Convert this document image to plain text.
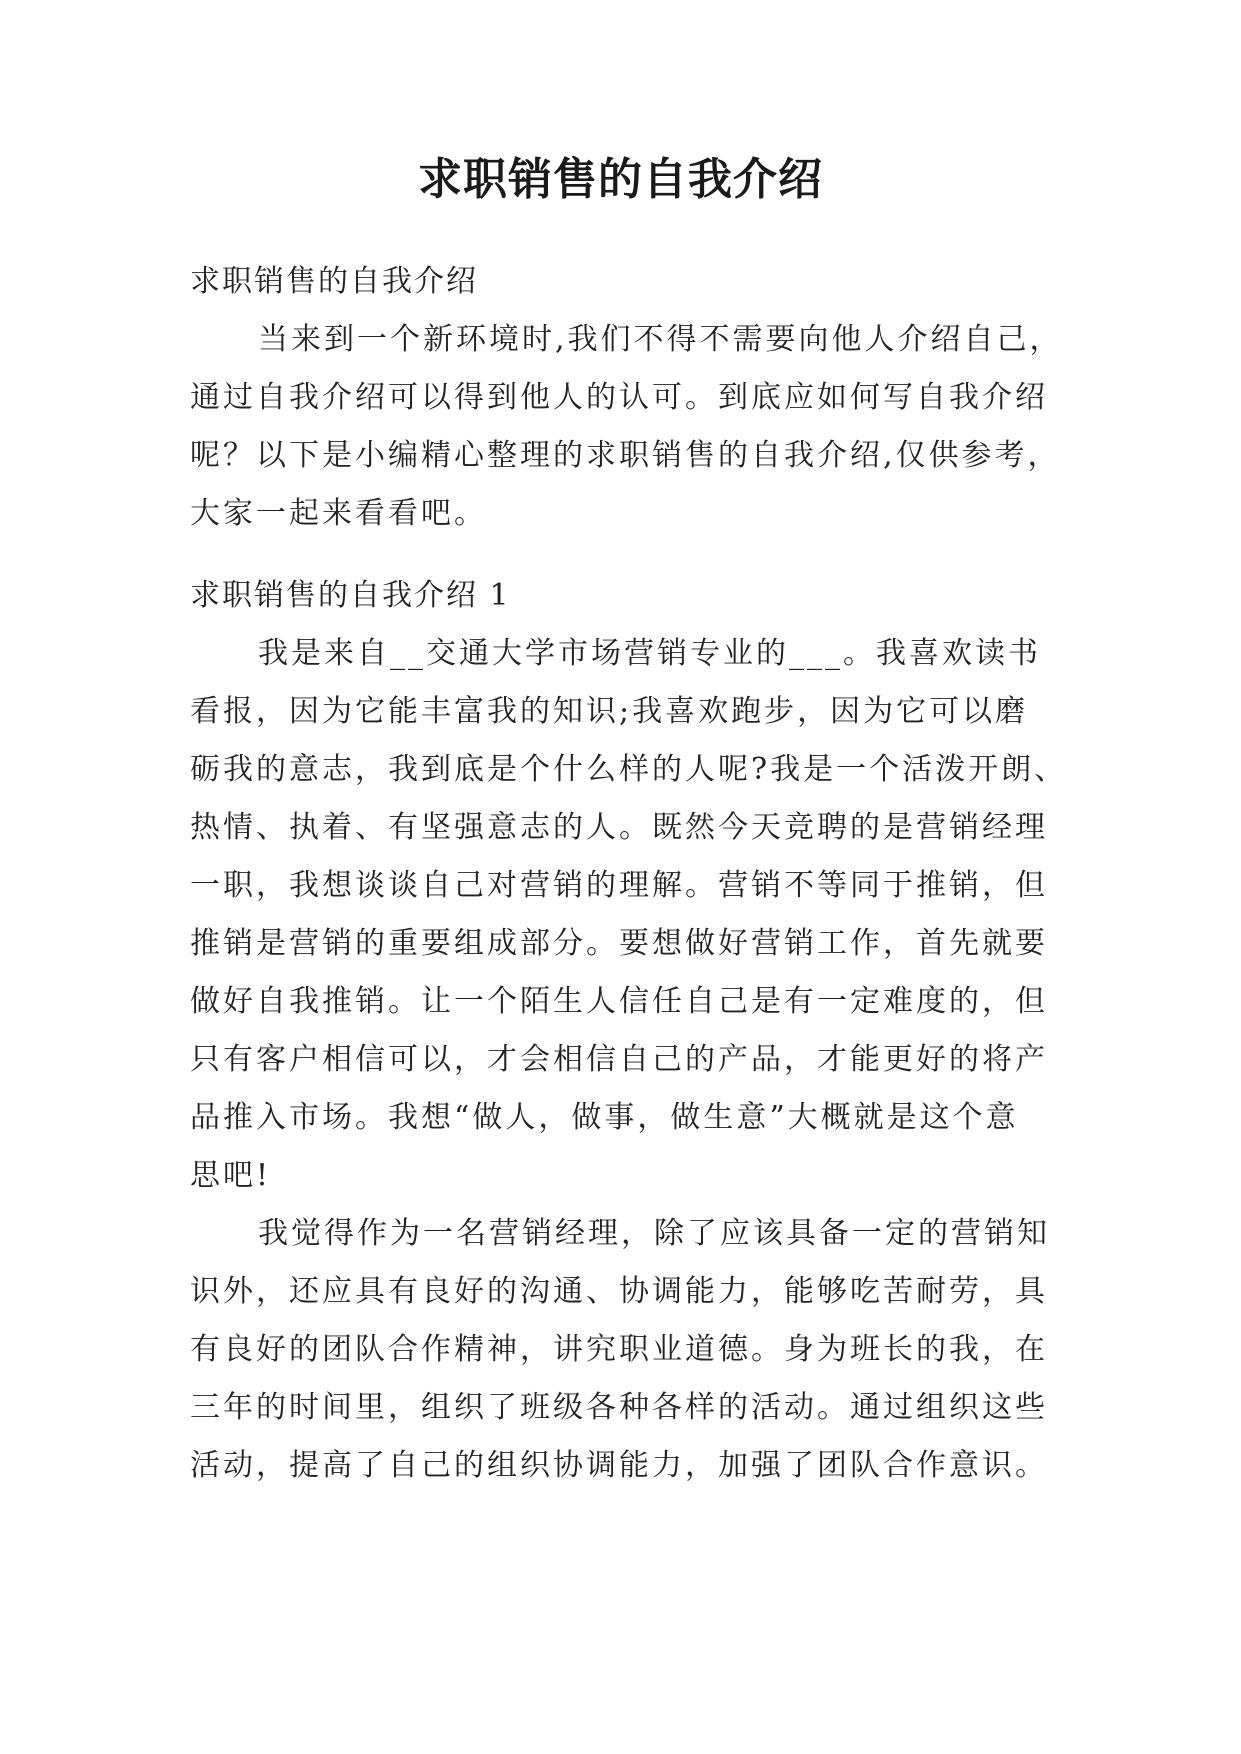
求职销售的自我介绍
求职销售的自我介绍
当来到一个新环境时,我们不得不需要向他人介绍自己，
通过自我介绍可以得到他人的认可。到底应如何写自我介绍
呢？以下是小编精心整理的求职销售的自我介绍,仅供参考，
大家一起来看看吧。
求职销售的自我介绍 1
我是来自__交通大学市场营销专业的___。我喜欢读书
看报，因为它能丰富我的知识;我喜欢跑步，因为它可以磨
砺我的意志，我到底是个什么样的人呢?我是一个活泼开朗、
热情、执着、有坚强意志的人。既然今天竞聘的是营销经理
一职，我想谈谈自己对营销的理解。营销不等同于推销，但
推销是营销的重要组成部分。要想做好营销工作，首先就要
做好自我推销。让一个陌生人信任自己是有一定难度的，但
只有客户相信可以，才会相信自己的产品，才能更好的将产
品推入市场。我想“做人，做事，做生意”大概就是这个意
思吧!
我觉得作为一名营销经理，除了应该具备一定的营销知
识外，还应具有良好的沟通、协调能力，能够吃苦耐劳，具
有良好的团队合作精神，讲究职业道德。身为班长的我，在
三年的时间里，组织了班级各种各样的活动。通过组织这些
活动，提高了自己的组织协调能力，加强了团队合作意识。
